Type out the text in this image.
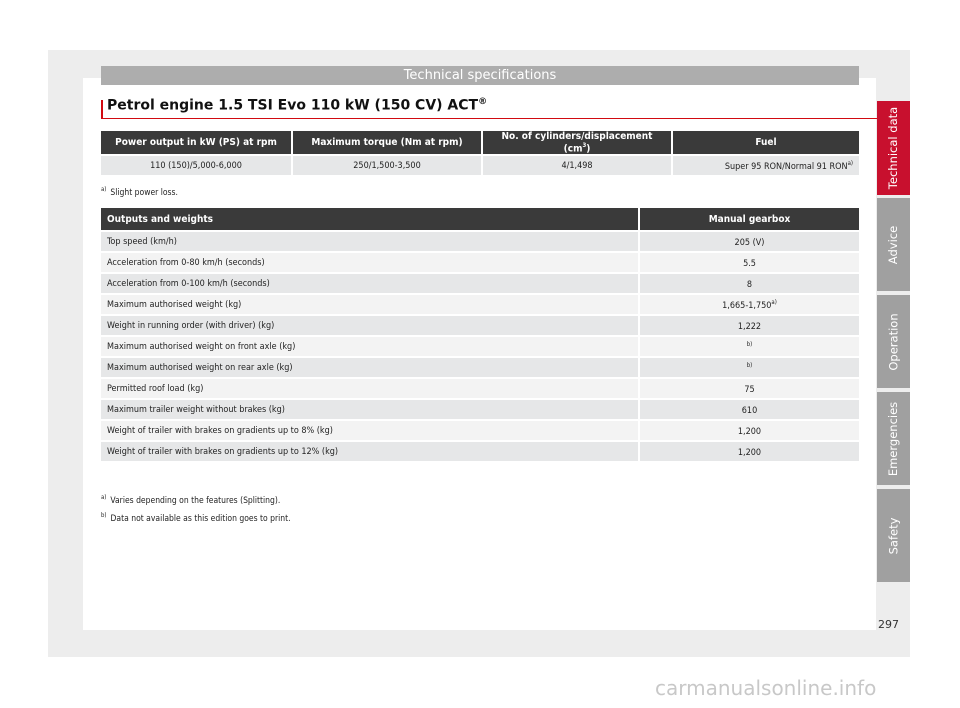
Technical specifications
Petrol engine 1.5 TSI Evo 110 kW (150 CV) ACT®
Power output in kW (PS) at rpm	Maximum torque (Nm at rpm)	No. of cylinders/displacement $(cm^3)$	Fuel
110 (150)/5,000-6,000	250/1,500-3,500	4/1,498	Super 95 RON/Normal 91 RON$^{a)}$
$^{a)}$ Slight power loss.
Outputs and weights	Manual gearbox
Top speed (km/h)	205 (V)
Acceleration from 0-80 km/h (seconds)	5.5
Acceleration from 0-100 km/h (seconds)	8
Maximum authorised weight (kg)	1,665-1,750$^{a)}$
Weight in running order (with driver) (kg)	1,222
Maximum authorised weight on front axle (kg)	$^{b)}$
Maximum authorised weight on rear axle (kg)	$^{b)}$
Permitted roof load (kg)	75
Maximum trailer weight without brakes (kg)	610
Weight of trailer with brakes on gradients up to 8% (kg)	1,200
Weight of trailer with brakes on gradients up to 12% (kg)	1,200
$^{a)}$ Varies depending on the features (Splitting).
$^{b)}$ Data not available as this edition goes to print.
Technical data
Advice
Operation
Emergencies
Safety
297
carmanualsonline.info
